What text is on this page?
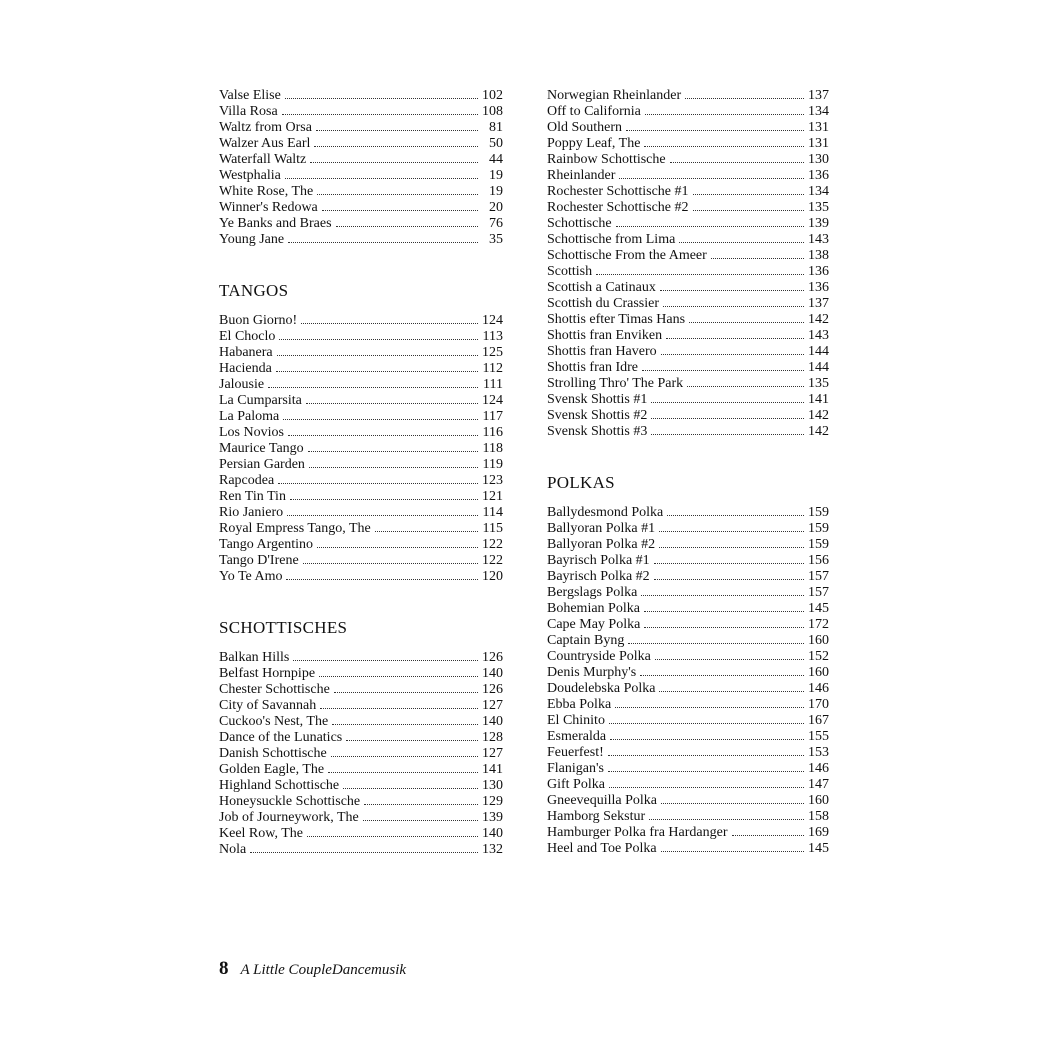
Valse Elise	102
Villa Rosa	108
Waltz from Orsa	81
Walzer Aus Earl	50
Waterfall Waltz	44
Westphalia	19
White Rose, The	19
Winner's Redowa	20
Ye Banks and Braes	76
Young Jane	35
TANGOS
Buon Giorno!	124
El Choclo	113
Habanera	125
Hacienda	112
Jalousie	111
La Cumparsita	124
La Paloma	117
Los Novios	116
Maurice Tango	118
Persian Garden	119
Rapcodea	123
Ren Tin Tin	121
Rio Janiero	114
Royal Empress Tango, The	115
Tango Argentino	122
Tango D'Irene	122
Yo Te Amo	120
SCHOTTISCHES
Balkan Hills	126
Belfast Hornpipe	140
Chester Schottische	126
City of Savannah	127
Cuckoo's Nest, The	140
Dance of the Lunatics	128
Danish Schottische	127
Golden Eagle, The	141
Highland Schottische	130
Honeysuckle Schottische	129
Job of Journeywork, The	139
Keel Row, The	140
Nola	132
Norwegian Rheinlander	137
Off to California	134
Old Southern	131
Poppy Leaf, The	131
Rainbow Schottische	130
Rheinlander	136
Rochester Schottische #1	134
Rochester Schottische #2	135
Schottische	139
Schottische from Lima	143
Schottische From the Ameer	138
Scottish	136
Scottish a Catinaux	136
Scottish du Crassier	137
Shottis efter Timas Hans	142
Shottis fran Enviken	143
Shottis fran Havero	144
Shottis fran Idre	144
Strolling Thro' The Park	135
Svensk Shottis #1	141
Svensk Shottis #2	142
Svensk Shottis #3	142
POLKAS
Ballydesmond Polka	159
Ballyoran Polka #1	159
Ballyoran Polka #2	159
Bayrisch Polka #1	156
Bayrisch Polka #2	157
Bergslags Polka	157
Bohemian Polka	145
Cape May Polka	172
Captain Byng	160
Countryside Polka	152
Denis Murphy's	160
Doudelebska Polka	146
Ebba Polka	170
El Chinito	167
Esmeralda	155
Feuerfest!	153
Flanigan's	146
Gift Polka	147
Gneevequilla Polka	160
Hamborg Sekstur	158
Hamburger Polka fra Hardanger	169
Heel and Toe Polka	145
8 A Little CoupleDancemusik
